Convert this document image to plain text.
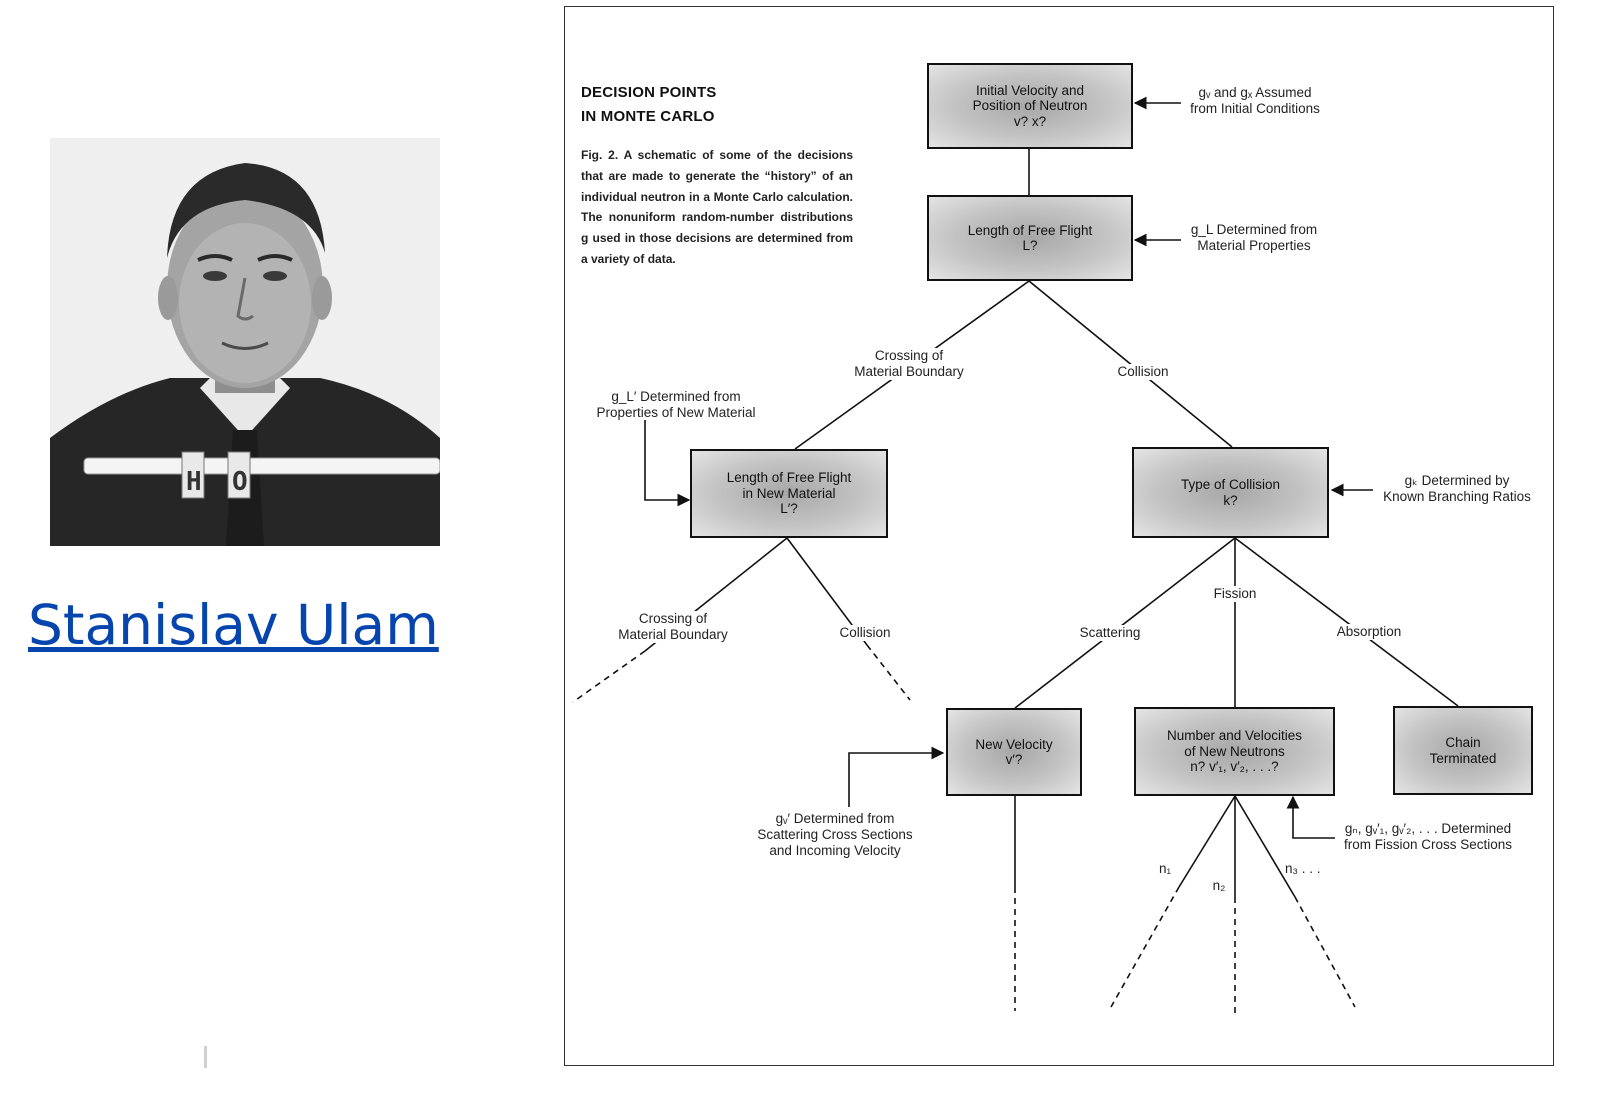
H O
Stanislav Ulam
DECISION POINTS
IN MONTE CARLO
Fig. 2. A schematic of some of the decisions that are made to generate the “history” of an individual neutron in a Monte Carlo calculation. The nonuniform random-number distributions g used in those decisions are determined from a variety of data.
Initial Velocity and
Position of Neutron
v? x?
Length of Free Flight
L?
Length of Free Flight
in New Material
L′?
Type of Collision
k?
New Velocity
v′?
Number and Velocities
of New Neutrons
n? v′₁, v′₂, . . .?
Chain
Terminated
Crossing of
Material Boundary	Collision
Crossing of
Material Boundary	Collision	Scattering
Fission
Absorption
n₁
n₂
n₃ . . .
gᵥ and gₓ Assumed
from Initial Conditions
g_L Determined from
Material Properties
g_L′ Determined from
Properties of New Material
gₖ Determined by
Known Branching Ratios
gᵥ′ Determined from
Scattering Cross Sections
and Incoming Velocity
gₙ, gᵥ′₁, gᵥ′₂, . . . Determined
from Fission Cross Sections
